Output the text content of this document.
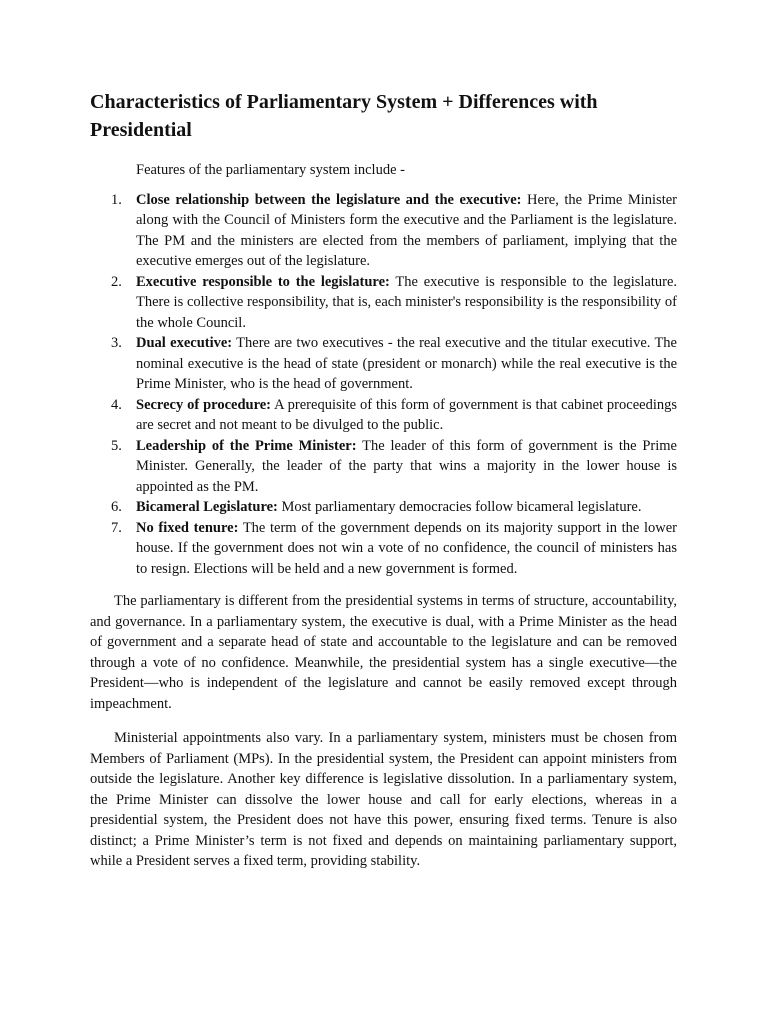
Characteristics of Parliamentary System + Differences with Presidential

Features of the parliamentary system include -

1. Close relationship between the legislature and the executive: Here, the Prime Minister along with the Council of Ministers form the executive and the Parliament is the legislature. The PM and the ministers are elected from the members of parliament, implying that the executive emerges out of the legislature.
2. Executive responsible to the legislature: The executive is responsible to the legislature. There is collective responsibility, that is, each minister's responsibility is the responsibility of the whole Council.
3. Dual executive: There are two executives - the real executive and the titular executive. The nominal executive is the head of state (president or monarch) while the real executive is the Prime Minister, who is the head of government.
4. Secrecy of procedure: A prerequisite of this form of government is that cabinet proceedings are secret and not meant to be divulged to the public.
5. Leadership of the Prime Minister: The leader of this form of government is the Prime Minister. Generally, the leader of the party that wins a majority in the lower house is appointed as the PM.
6. Bicameral Legislature: Most parliamentary democracies follow bicameral legislature.
7. No fixed tenure: The term of the government depends on its majority support in the lower house. If the government does not win a vote of no confidence, the council of ministers has to resign. Elections will be held and a new government is formed.

The parliamentary is different from the presidential systems in terms of structure, accountability, and governance. In a parliamentary system, the executive is dual, with a Prime Minister as the head of government and a separate head of state and accountable to the legislature and can be removed through a vote of no confidence. Meanwhile, the presidential system has a single executive—the President—who is independent of the legislature and cannot be easily removed except through impeachment.

Ministerial appointments also vary. In a parliamentary system, ministers must be chosen from Members of Parliament (MPs). In the presidential system, the President can appoint ministers from outside the legislature. Another key difference is legislative dissolution. In a parliamentary system, the Prime Minister can dissolve the lower house and call for early elections, whereas in a presidential system, the President does not have this power, ensuring fixed terms. Tenure is also distinct; a Prime Minister’s term is not fixed and depends on maintaining parliamentary support, while a President serves a fixed term, providing stability.
